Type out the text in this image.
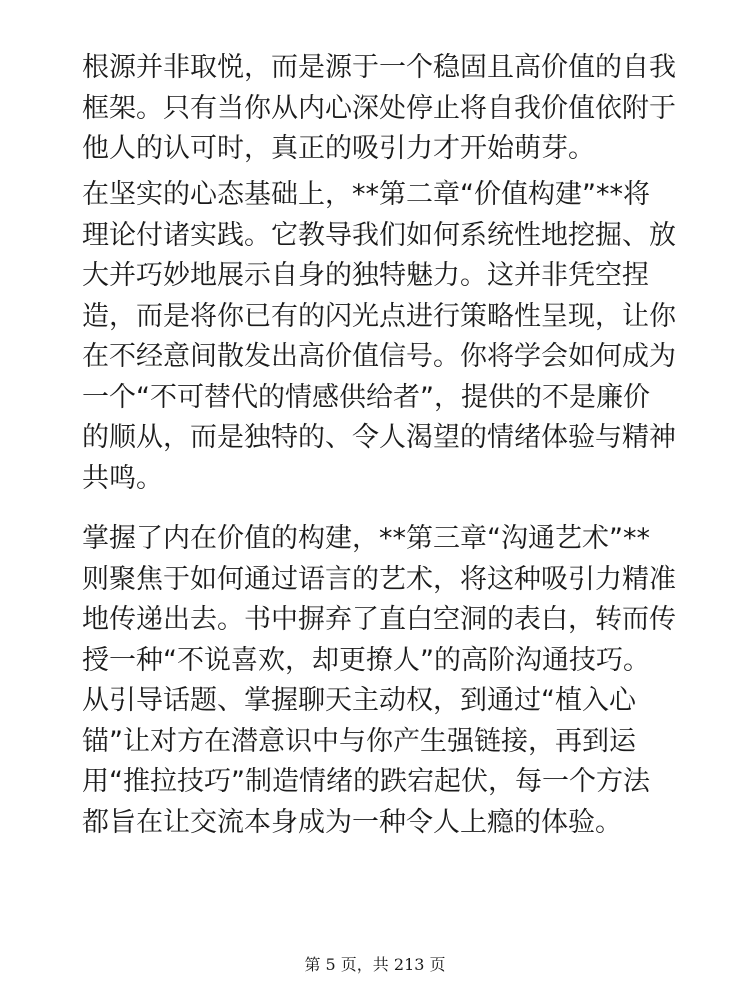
根源并非取悦，而是源于一个稳固且高价值的自我
框架。只有当你从内心深处停止将自我价值依附于
他人的认可时，真正的吸引力才开始萌芽。

在坚实的心态基础上，**第二章“价值构建”**将
理论付诸实践。它教导我们如何系统性地挖掘、放
大并巧妙地展示自身的独特魅力。这并非凭空捏
造，而是将你已有的闪光点进行策略性呈现，让你
在不经意间散发出高价值信号。你将学会如何成为
一个“不可替代的情感供给者”，提供的不是廉价
的顺从，而是独特的、令人渴望的情绪体验与精神
共鸣。

掌握了内在价值的构建，**第三章“沟通艺术”**
则聚焦于如何通过语言的艺术，将这种吸引力精准
地传递出去。书中摒弃了直白空洞的表白，转而传
授一种“不说喜欢，却更撩人”的高阶沟通技巧。
从引导话题、掌握聊天主动权，到通过“植入心
锚”让对方在潜意识中与你产生强链接，再到运
用“推拉技巧”制造情绪的跌宕起伏，每一个方法
都旨在让交流本身成为一种令人上瘾的体验。

第 5 页，共 213 页
